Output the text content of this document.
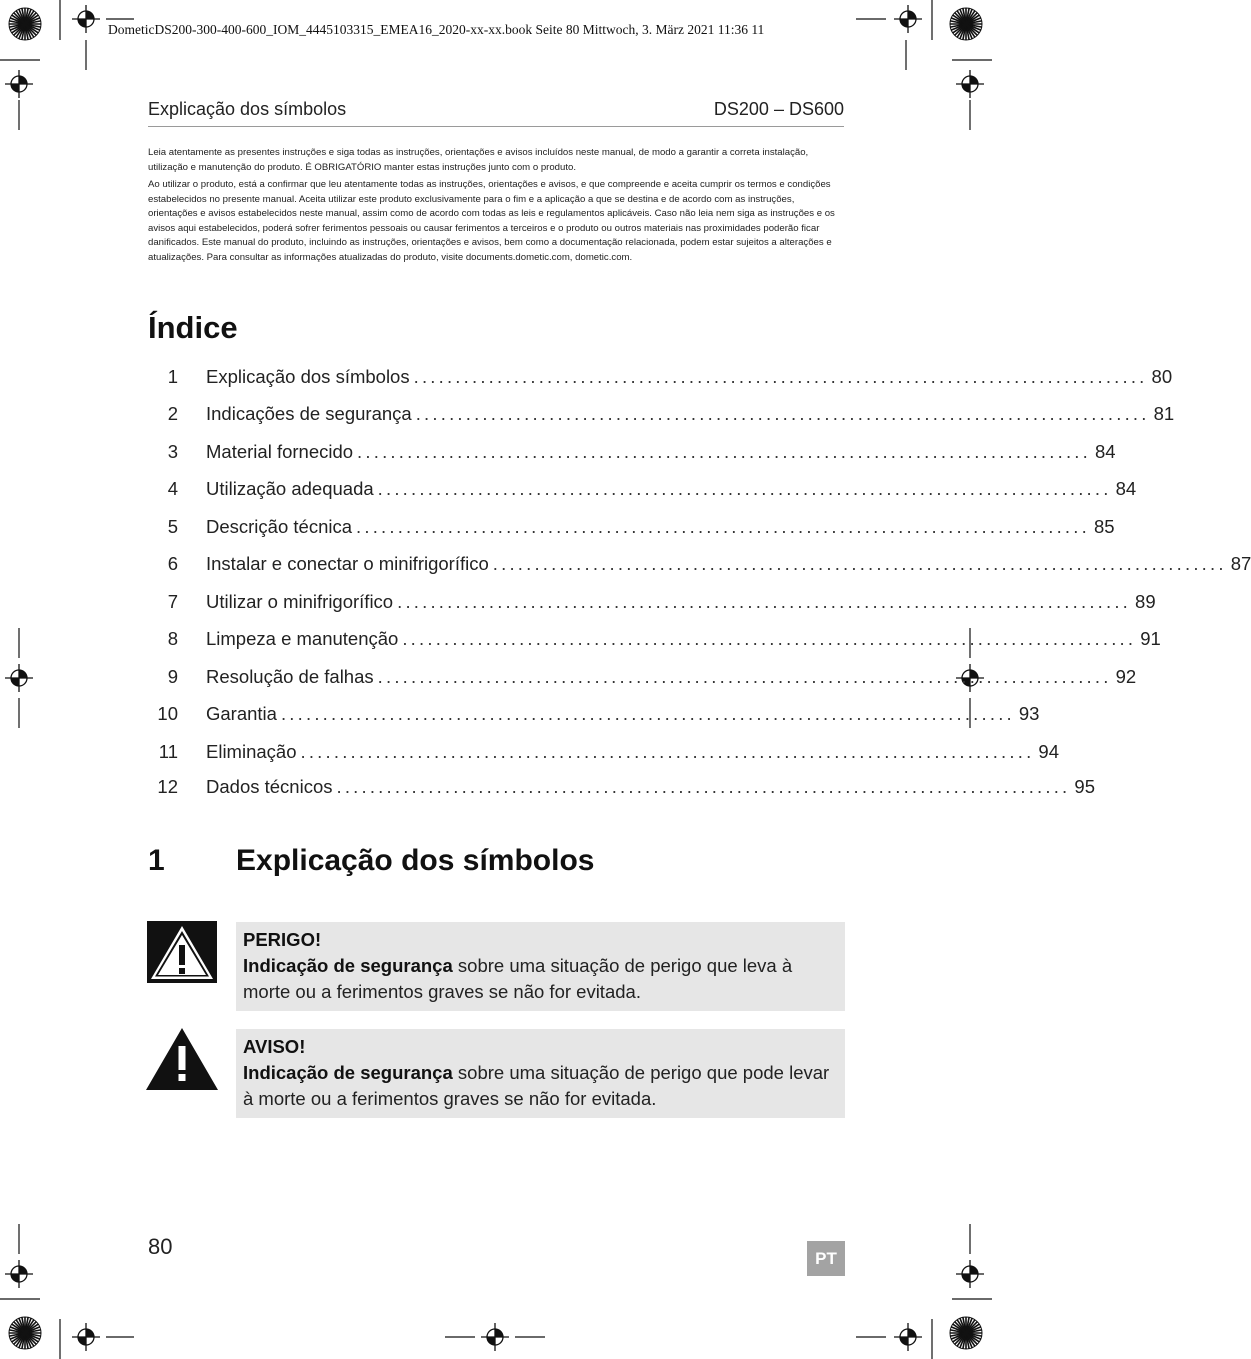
DometicDS200-300-400-600_IOM_4445103315_EMEA16_2020-xx-xx.book Seite 80 Mittwoch, 3. März 2021 11:36 11
Explicação dos símbolos	DS200 – DS600

Leia atentamente as presentes instruções e siga todas as instruções, orientações e avisos incluídos neste manual, de modo a garantir a correta instalação, utilização e manutenção do produto. É OBRIGATÓRIO manter estas instruções junto com o produto.

Ao utilizar o produto, está a confirmar que leu atentamente todas as instruções, orientações e avisos, e que compreende e aceita cumprir os termos e condições estabelecidos no presente manual. Aceita utilizar este produto exclusivamente para o fim e a aplicação a que se destina e de acordo com as instruções, orientações e avisos estabelecidos neste manual, assim como de acordo com todas as leis e regulamentos aplicáveis. Caso não leia nem siga as instruções e os avisos aqui estabelecidos, poderá sofrer ferimentos pessoais ou causar ferimentos a terceiros e o produto ou outros materiais nas proximidades poderão ficar danificados. Este manual do produto, incluindo as instruções, orientações e avisos, bem como a documentação relacionada, podem estar sujeitos a alterações e atualizações. Para consultar as informações atualizadas do produto, visite documents.dometic.com, dometic.com.

Índice
1 Explicação dos símbolos ........................................................................................ 80
2 Indicações de segurança ........................................................................................ 81
3 Material fornecido ........................................................................................ 84
4 Utilização adequada ........................................................................................ 84
5 Descrição técnica ........................................................................................ 85
6 Instalar e conectar o minifrigorífico ........................................................................................ 87
7 Utilizar o minifrigorífico ........................................................................................ 89
8 Limpeza e manutenção ........................................................................................ 91
9 Resolução de falhas ........................................................................................ 92
10 Garantia ........................................................................................ 93
11 Eliminação ........................................................................................ 94
12 Dados técnicos ........................................................................................ 95
1 Explicação dos símbolos
PERIGO!
Indicação de segurança sobre uma situação de perigo que leva à morte ou a ferimentos graves se não for evitada.
AVISO!
Indicação de segurança sobre uma situação de perigo que pode levar à morte ou a ferimentos graves se não for evitada.
80	PT
